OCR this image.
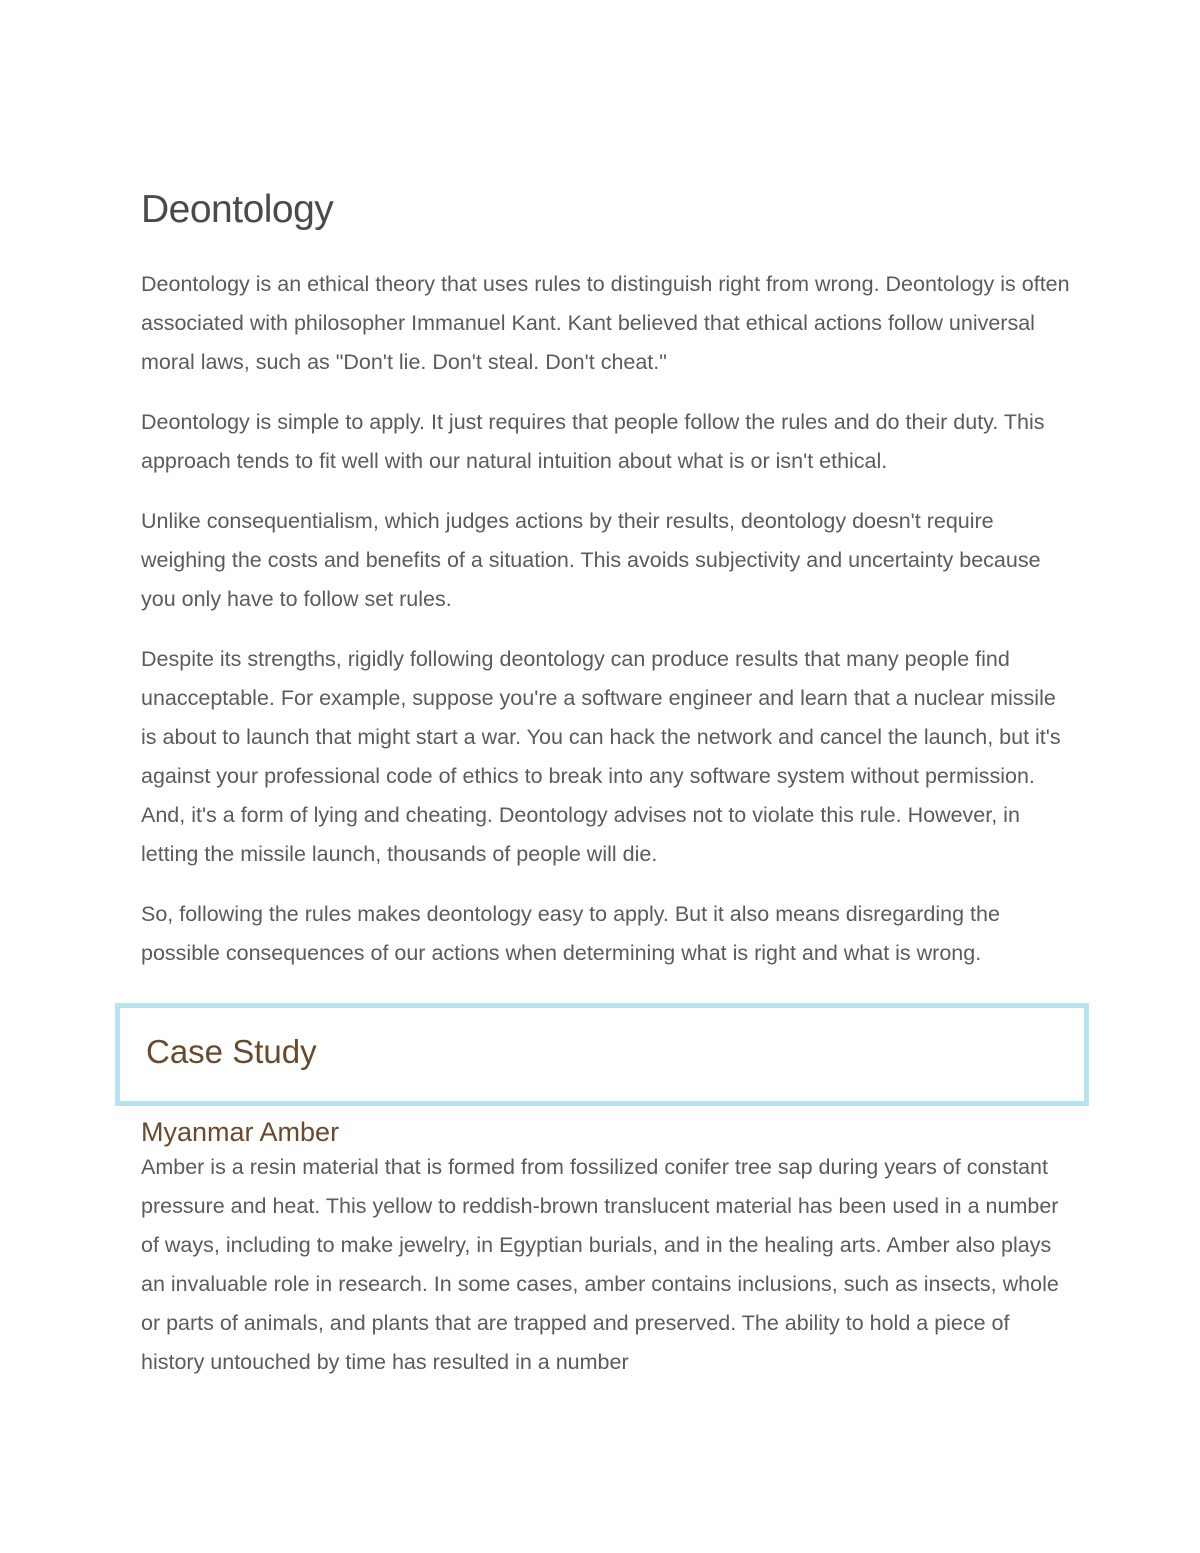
Deontology

Deontology is an ethical theory that uses rules to distinguish right from wrong. Deontology is often associated with philosopher Immanuel Kant. Kant believed that ethical actions follow universal moral laws, such as "Don't lie. Don't steal. Don't cheat."

Deontology is simple to apply. It just requires that people follow the rules and do their duty. This approach tends to fit well with our natural intuition about what is or isn't ethical.

Unlike consequentialism, which judges actions by their results, deontology doesn't require weighing the costs and benefits of a situation. This avoids subjectivity and uncertainty because you only have to follow set rules.

Despite its strengths, rigidly following deontology can produce results that many people find unacceptable. For example, suppose you're a software engineer and learn that a nuclear missile is about to launch that might start a war. You can hack the network and cancel the launch, but it's against your professional code of ethics to break into any software system without permission. And, it's a form of lying and cheating. Deontology advises not to violate this rule. However, in letting the missile launch, thousands of people will die.

So, following the rules makes deontology easy to apply. But it also means disregarding the possible consequences of our actions when determining what is right and what is wrong.

Case Study
Myanmar Amber

Amber is a resin material that is formed from fossilized conifer tree sap during years of constant pressure and heat. This yellow to reddish-brown translucent material has been used in a number of ways, including to make jewelry, in Egyptian burials, and in the healing arts. Amber also plays an invaluable role in research. In some cases, amber contains inclusions, such as insects, whole or parts of animals, and plants that are trapped and preserved. The ability to hold a piece of history untouched by time has resulted in a number
